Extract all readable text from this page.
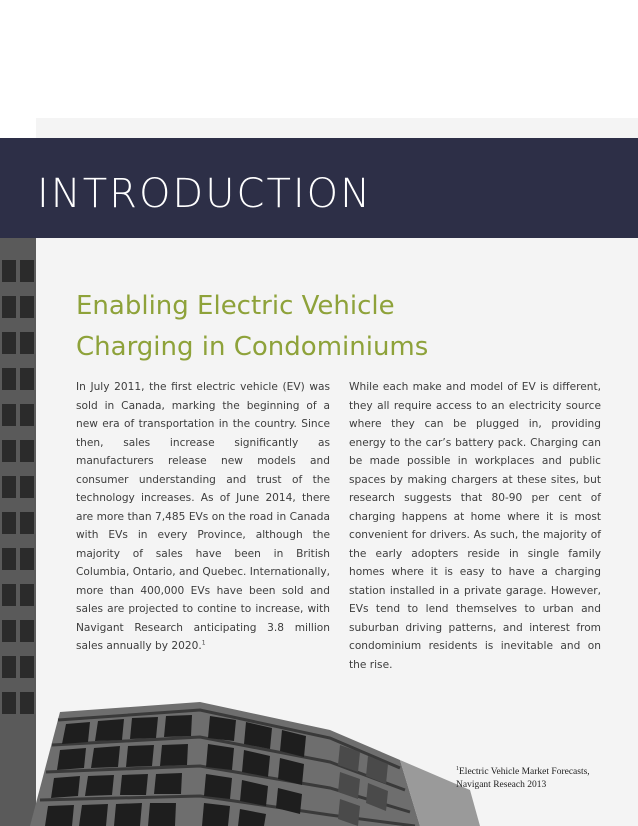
INTRODUCTION
Enabling Electric Vehicle
Charging in Condominiums
In July 2011, the first electric vehicle (EV) was sold in Canada, marking the beginning of a new era of transportation in the country. Since then, sales increase significantly as manufacturers release new models and consumer understanding and trust of the technology increases. As of June 2014, there are more than 7,485 EVs on the road in Canada with EVs in every Province, although the majority of sales have been in British Columbia, Ontario, and Quebec. Internationally, more than 400,000 EVs have been sold and sales are projected to contine to increase, with Navigant Research anticipating 3.8 million sales annually by 2020.$^1$
While each make and model of EV is different, they all require access to an electricity source where they can be plugged in, providing energy to the car’s battery pack. Charging can be made possible in workplaces and public spaces by making chargers at these sites, but research suggests that 80-90 per cent of charging happens at home where it is most convenient for drivers. As such, the majority of the early adopters reside in single family homes where it is easy to have a charging station installed in a private garage. However, EVs tend to lend themselves to urban and suburban driving patterns, and interest from condominium residents is inevitable and on the rise.
$^1$Electric Vehicle Market Forecasts,
Navigant Reseach 2013
